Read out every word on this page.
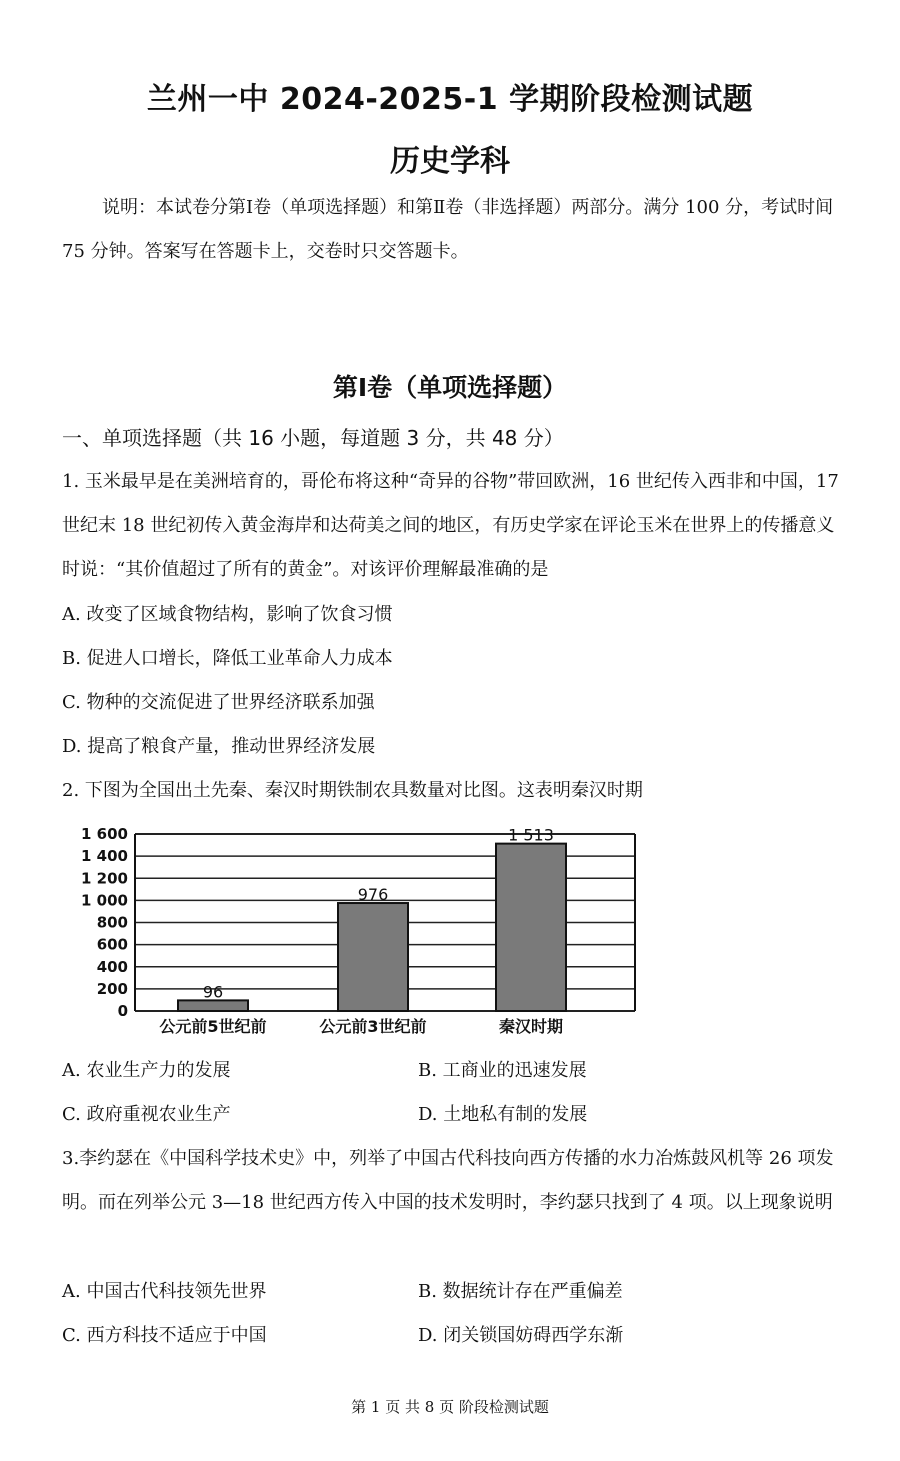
兰州一中 2024-2025-1 学期阶段检测试题
历史学科
说明：本试卷分第Ⅰ卷（单项选择题）和第Ⅱ卷（非选择题）两部分。满分 100 分，考试时间 75 分钟。答案写在答题卡上，交卷时只交答题卡。
第Ⅰ卷（单项选择题）
一、单项选择题（共 16 小题，每道题 3 分，共 48 分）
1. 玉米最早是在美洲培育的，哥伦布将这种“奇异的谷物”带回欧洲，16 世纪传入西非和中国，17 世纪末 18 世纪初传入黄金海岸和达荷美之间的地区，有历史学家在评论玉米在世界上的传播意义时说：“其价值超过了所有的黄金”。对该评价理解最准确的是
A. 改变了区域食物结构，影响了饮食习惯
B. 促进人口增长，降低工业革命人力成本
C. 物种的交流促进了世界经济联系加强
D. 提高了粮食产量，推动世界经济发展
2. 下图为全国出土先秦、秦汉时期铁制农具数量对比图。这表明秦汉时期
1 600
1 400
1 200
1 000
800
600
400
200
0
96
976
1 513
公元前5世纪前	公元前3世纪前	秦汉时期
A. 农业生产力的发展	B. 工商业的迅速发展
C. 政府重视农业生产	D. 土地私有制的发展
3.李约瑟在《中国科学技术史》中，列举了中国古代科技向西方传播的水力冶炼鼓风机等 26 项发明。而在列举公元 3—18 世纪西方传入中国的技术发明时，李约瑟只找到了 4 项。以上现象说明
A. 中国古代科技领先世界	B. 数据统计存在严重偏差
C. 西方科技不适应于中国	D. 闭关锁国妨碍西学东渐
第 1 页 共 8 页 阶段检测试题
